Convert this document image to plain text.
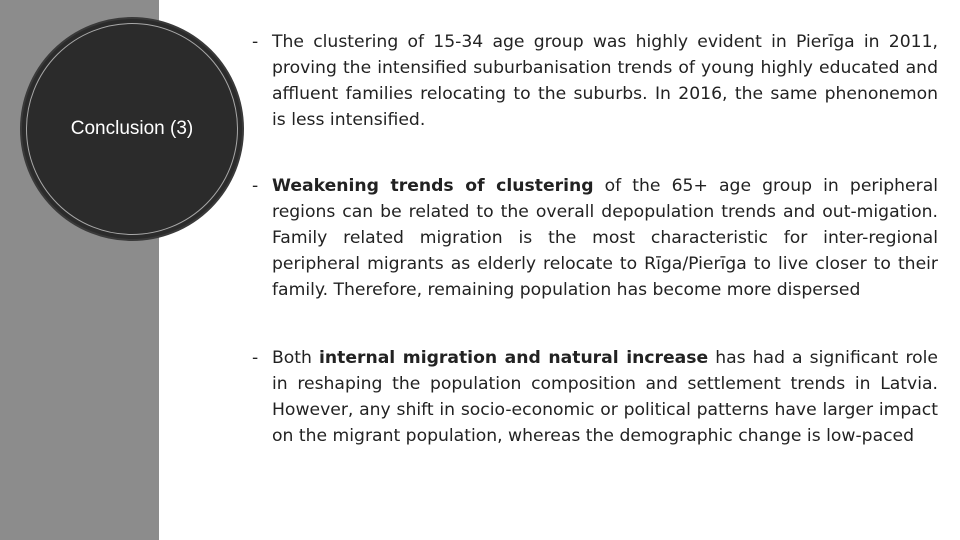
Conclusion (3)
- The clustering of 15-34 age group was highly evident in Pierīga in 2011, proving the intensified suburbanisation trends of young highly educated and affluent families relocating to the suburbs. In 2016, the same phenonemon is less intensified.
- Weakening trends of clustering of the 65+ age group in peripheral regions can be related to the overall depopulation trends and out-migation. Family related migration is the most characteristic for inter-regional peripheral migrants as elderly relocate to Rīga/Pierīga to live closer to their family. Therefore, remaining population has become more dispersed
- Both internal migration and natural increase has had a significant role in reshaping the population composition and settlement trends in Latvia. However, any shift in socio-economic or political patterns have larger impact on the migrant population, whereas the demographic change is low-paced
